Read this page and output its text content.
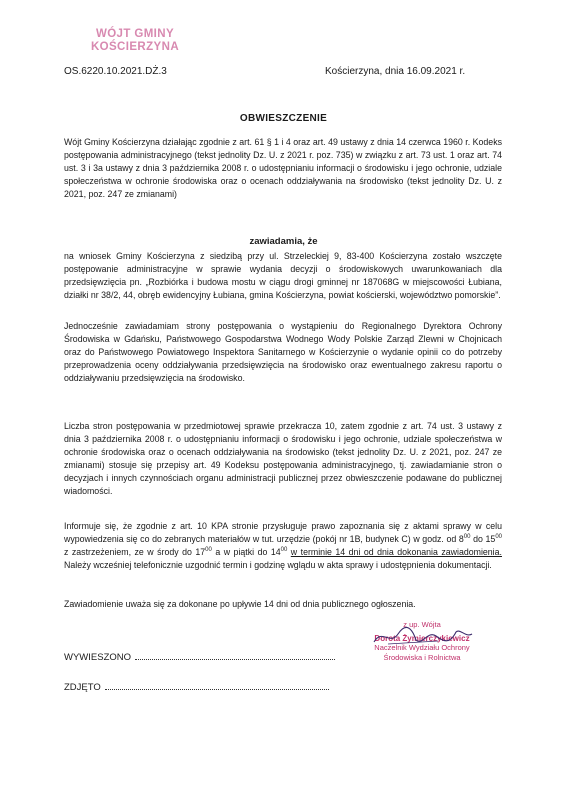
WÓJT GMINY
KOŚCIERZYNA
OS.6220.10.2021.DŻ.3	Kościerzyna, dnia 16.09.2021 r.
OBWIESZCZENIE

Wójt Gminy Kościerzyna działając zgodnie z art. 61 § 1 i 4 oraz art. 49 ustawy z dnia 14 czerwca 1960 r. Kodeks postępowania administracyjnego (tekst jednolity Dz. U. z 2021 r. poz. 735) w związku z art. 73 ust. 1 oraz art. 74 ust. 3 i 3a ustawy z dnia 3 października 2008 r. o udostępnianiu informacji o środowisku i jego ochronie, udziale społeczeństwa w ochronie środowiska oraz o ocenach oddziaływania na środowisko (tekst jednolity Dz. U. z 2021, poz. 247 ze zmianami)

zawiadamia, że

na wniosek Gminy Kościerzyna z siedzibą przy ul. Strzeleckiej 9, 83-400 Kościerzyna zostało wszczęte postępowanie administracyjne w sprawie wydania decyzji o środowiskowych uwarunkowaniach dla przedsięwzięcia pn. „Rozbiórka i budowa mostu w ciągu drogi gminnej nr 187068G w miejscowości Łubiana, działki nr 38/2, 44, obręb ewidencyjny Łubiana, gmina Kościerzyna, powiat kościerski, województwo pomorskie”.

Jednocześnie zawiadamiam strony postępowania o wystąpieniu do Regionalnego Dyrektora Ochrony Środowiska w Gdańsku, Państwowego Gospodarstwa Wodnego Wody Polskie Zarząd Zlewni w Chojnicach oraz do Państwowego Powiatowego Inspektora Sanitarnego w Kościerzynie o wydanie opinii co do potrzeby przeprowadzenia oceny oddziaływania przedsięwzięcia na środowisko oraz ewentualnego zakresu raportu o oddziaływaniu przedsięwzięcia na środowisko.

Liczba stron postępowania w przedmiotowej sprawie przekracza 10, zatem zgodnie z art. 74 ust. 3 ustawy z dnia 3 października 2008 r. o udostępnianiu informacji o środowisku i jego ochronie, udziale społeczeństwa w ochronie środowiska oraz o ocenach oddziaływania na środowisko (tekst jednolity Dz. U. z 2021, poz. 247 ze zmianami) stosuje się przepisy art. 49 Kodeksu postępowania administracyjnego, tj. zawiadamianie stron o decyzjach i innych czynnościach organu administracji publicznej przez obwieszczenie podawane do publicznej wiadomości.

Informuje się, że zgodnie z art. 10 KPA stronie przysługuje prawo zapoznania się z aktami sprawy w celu wypowiedzenia się co do zebranych materiałów w tut. urzędzie (pokój nr 1B, budynek C) w godz. od $8^{00}$ do $15^{00}$ z zastrzeżeniem, ze w środy do $17^{00}$ a w piątki do $14^{00}$ w terminie 14 dni od dnia dokonania zawiadomienia. Należy wcześniej telefonicznie uzgodnić termin i godzinę wglądu w akta sprawy i udostępnienia dokumentacji.

Zawiadomienie uważa się za dokonane po upływie 14 dni od dnia publicznego ogłoszenia.

z up. Wójta
Dorota Żymierczykiewicz
Naczelnik Wydziału Ochrony
Środowiska i Rolnictwa
WYWIESZONO
ZDJĘTO
